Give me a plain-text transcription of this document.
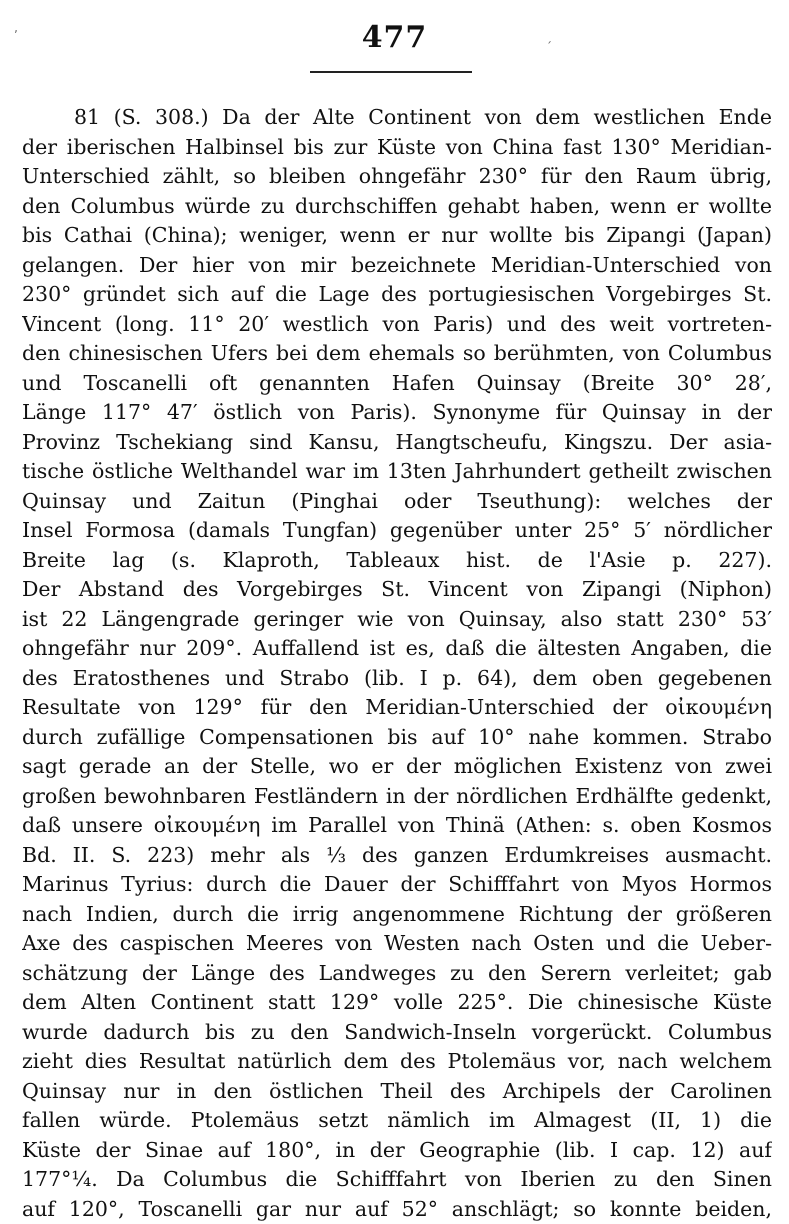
ʼ
ˊ
477
81 (S. 308.) Da der Alte Continent von dem westlichen Ende
der iberischen Halbinsel bis zur Küste von China fast 130° Meridian-
Unterschied zählt, so bleiben ohngefähr 230° für den Raum übrig,
den Columbus würde zu durchschiffen gehabt haben, wenn er wollte
bis Cathai (China); weniger, wenn er nur wollte bis Zipangi (Japan)
gelangen. Der hier von mir bezeichnete Meridian-Unterschied von
230° gründet sich auf die Lage des portugiesischen Vorgebirges St.
Vincent (long. 11° 20′ westlich von Paris) und des weit vortreten-
den chinesischen Ufers bei dem ehemals so berühmten, von Columbus
und Toscanelli oft genannten Hafen Quinsay (Breite 30° 28′,
Länge 117° 47′ östlich von Paris). Synonyme für Quinsay in der
Provinz Tschekiang sind Kansu, Hangtscheufu, Kingszu. Der asia-
tische östliche Welthandel war im 13ten Jahrhundert getheilt zwischen
Quinsay und Zaitun (Pinghai oder Tseuthung): welches der
Insel Formosa (damals Tungfan) gegenüber unter 25° 5′ nördlicher
Breite lag (s. Klaproth, Tableaux hist. de l'Asie p. 227).
Der Abstand des Vorgebirges St. Vincent von Zipangi (Niphon)
ist 22 Längengrade geringer wie von Quinsay, also statt 230° 53′
ohngefähr nur 209°. Auffallend ist es, daß die ältesten Angaben, die
des Eratosthenes und Strabo (lib. I p. 64), dem oben gegebenen
Resultate von 129° für den Meridian-Unterschied der οἰκουμένη
durch zufällige Compensationen bis auf 10° nahe kommen. Strabo
sagt gerade an der Stelle, wo er der möglichen Existenz von zwei
großen bewohnbaren Festländern in der nördlichen Erdhälfte gedenkt,
daß unsere οἰκουμένη im Parallel von Thinä (Athen: s. oben Kosmos
Bd. II. S. 223) mehr als ⅓ des ganzen Erdumkreises ausmacht.
Marinus Tyrius: durch die Dauer der Schifffahrt von Myos Hormos
nach Indien, durch die irrig angenommene Richtung der größeren
Axe des caspischen Meeres von Westen nach Osten und die Ueber-
schätzung der Länge des Landweges zu den Serern verleitet; gab
dem Alten Continent statt 129° volle 225°. Die chinesische Küste
wurde dadurch bis zu den Sandwich-Inseln vorgerückt. Columbus
zieht dies Resultat natürlich dem des Ptolemäus vor, nach welchem
Quinsay nur in den östlichen Theil des Archipels der Carolinen
fallen würde. Ptolemäus setzt nämlich im Almagest (II, 1) die
Küste der Sinae auf 180°, in der Geographie (lib. I cap. 12) auf
177°¼. Da Columbus die Schifffahrt von Iberien zu den Sinen
auf 120°, Toscanelli gar nur auf 52° anschlägt; so konnte beiden,
